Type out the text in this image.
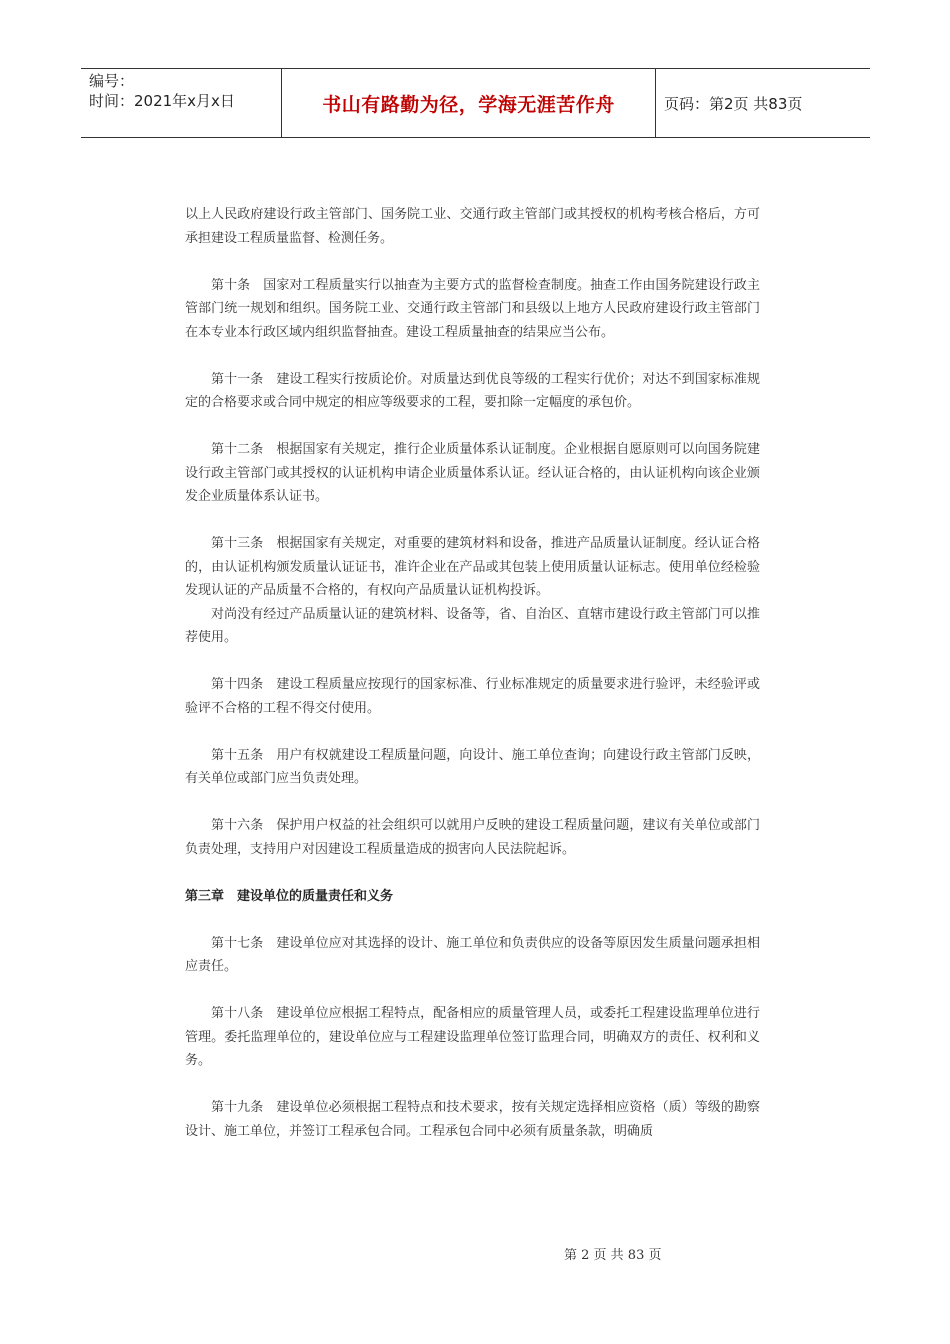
编号：
时间：2021年x月x日	书山有路勤为径，学海无涯苦作舟	页码：第2页 共83页

以上人民政府建设行政主管部门、国务院工业、交通行政主管部门或其授权的机构考核合格后，方可承担建设工程质量监督、检测任务。

第十条　国家对工程质量实行以抽查为主要方式的监督检查制度。抽查工作由国务院建设行政主管部门统一规划和组织。国务院工业、交通行政主管部门和县级以上地方人民政府建设行政主管部门在本专业本行政区域内组织监督抽查。建设工程质量抽查的结果应当公布。

第十一条　建设工程实行按质论价。对质量达到优良等级的工程实行优价；对达不到国家标准规定的合格要求或合同中规定的相应等级要求的工程，要扣除一定幅度的承包价。

第十二条　根据国家有关规定，推行企业质量体系认证制度。企业根据自愿原则可以向国务院建设行政主管部门或其授权的认证机构申请企业质量体系认证。经认证合格的，由认证机构向该企业颁发企业质量体系认证书。

第十三条　根据国家有关规定，对重要的建筑材料和设备，推进产品质量认证制度。经认证合格的，由认证机构颁发质量认证证书，准许企业在产品或其包装上使用质量认证标志。使用单位经检验发现认证的产品质量不合格的，有权向产品质量认证机构投诉。

对尚没有经过产品质量认证的建筑材料、设备等，省、自治区、直辖市建设行政主管部门可以推荐使用。

第十四条　建设工程质量应按现行的国家标准、行业标准规定的质量要求进行验评，未经验评或验评不合格的工程不得交付使用。

第十五条　用户有权就建设工程质量问题，向设计、施工单位查询；向建设行政主管部门反映，有关单位或部门应当负责处理。

第十六条　保护用户权益的社会组织可以就用户反映的建设工程质量问题，建议有关单位或部门负责处理，支持用户对因建设工程质量造成的损害向人民法院起诉。

第三章　建设单位的质量责任和义务

第十七条　建设单位应对其选择的设计、施工单位和负责供应的设备等原因发生质量问题承担相应责任。

第十八条　建设单位应根据工程特点，配备相应的质量管理人员，或委托工程建设监理单位进行管理。委托监理单位的，建设单位应与工程建设监理单位签订监理合同，明确双方的责任、权利和义务。

第十九条　建设单位必须根据工程特点和技术要求，按有关规定选择相应资格（质）等级的勘察设计、施工单位，并签订工程承包合同。工程承包合同中必须有质量条款，明确质

第 2 页 共 83 页
